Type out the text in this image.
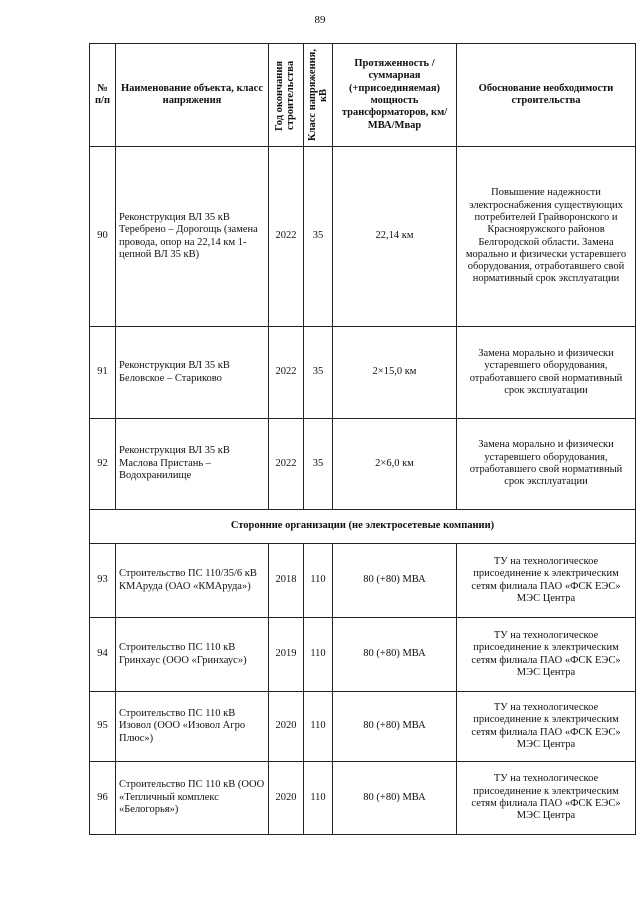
89
№ п/п	Наименование объекта, класс напряжения	Год окончания строительства	Класс напряжения, кВ	Протяженность / суммарная (+присоединяемая) мощность трансформаторов, км/МВА/Мвар	Обоснование необходимости строительства
90	Реконструкция ВЛ 35 кВ Теребрено – Дорогощь (замена провода, опор на 22,14 км 1-цепной ВЛ 35 кВ)	2022	35	22,14 км	Повышение надежности электроснабжения существующих потребителей Грайворонского и Краснояружского районов Белгородской области. Замена морально и физически устаревшего оборудования, отработавшего свой нормативный срок эксплуатации
91	Реконструкция ВЛ 35 кВ Беловское – Стариково	2022	35	2×15,0 км	Замена морально и физически устаревшего оборудования, отработавшего свой нормативный срок эксплуатации
92	Реконструкция ВЛ 35 кВ Маслова Пристань – Водохранилище	2022	35	2×6,0 км	Замена морально и физически устаревшего оборудования, отработавшего свой нормативный срок эксплуатации
Сторонние организации (не электросетевые компании)					
93	Строительство ПС 110/35/6 кВ КМАруда (ОАО «КМАруда»)	2018	110	80 (+80) МВА	ТУ на технологическое присоединение к электрическим сетям филиала ПАО «ФСК ЕЭС» МЭС Центра
94	Строительство ПС 110 кВ Гринхаус (ООО «Гринхаус»)	2019	110	80 (+80) МВА	ТУ на технологическое присоединение к электрическим сетям филиала ПАО «ФСК ЕЭС» МЭС Центра
95	Строительство ПС 110 кВ Изовол (ООО «Изовол Агро Плюс»)	2020	110	80 (+80) МВА	ТУ на технологическое присоединение к электрическим сетям филиала ПАО «ФСК ЕЭС» МЭС Центра
96	Строительство ПС 110 кВ (ООО «Тепличный комплекс «Белогорья»)	2020	110	80 (+80) МВА	ТУ на технологическое присоединение к электрическим сетям филиала ПАО «ФСК ЕЭС» МЭС Центра
